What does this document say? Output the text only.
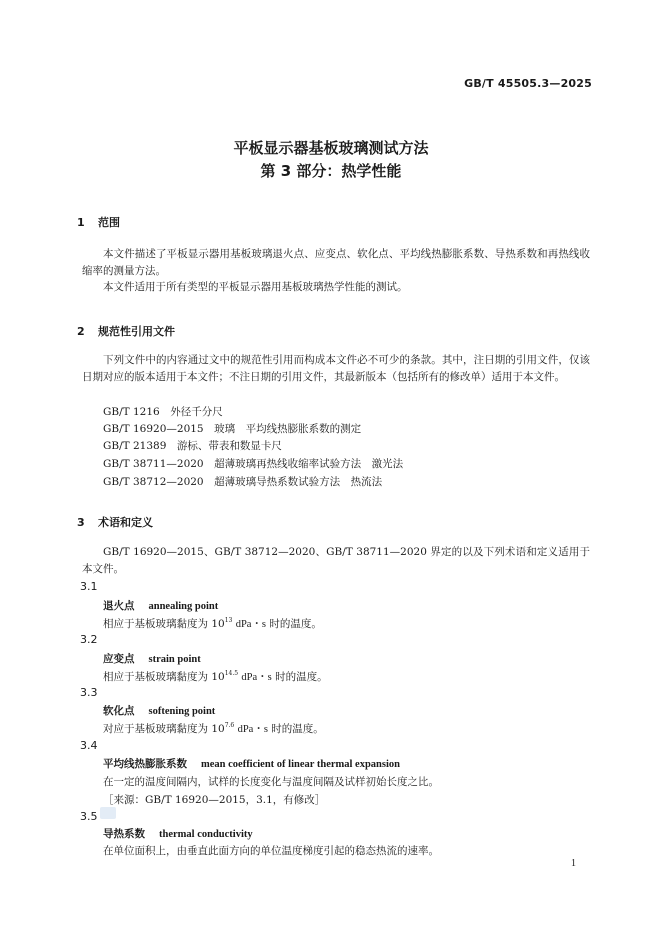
GB/T 45505.3—2025
平板显示器基板玻璃测试方法
第 3 部分：热学性能
1 范围

本文件描述了平板显示器用基板玻璃退火点、应变点、软化点、平均线热膨胀系数、导热系数和再热线收缩率的测量方法。

本文件适用于所有类型的平板显示器用基板玻璃热学性能的测试。

2 规范性引用文件

下列文件中的内容通过文中的规范性引用而构成本文件必不可少的条款。其中，注日期的引用文件，仅该日期对应的版本适用于本文件；不注日期的引用文件，其最新版本（包括所有的修改单）适用于本文件。

GB/T 1216　外径千分尺
GB/T 16920—2015　玻璃　平均线热膨胀系数的测定
GB/T 21389　游标、带表和数显卡尺
GB/T 38711—2020　超薄玻璃再热线收缩率试验方法　激光法
GB/T 38712—2020　超薄玻璃导热系数试验方法　热流法
3 术语和定义

GB/T 16920—2015、GB/T 38712—2020、GB/T 38711—2020 界定的以及下列术语和定义适用于本文件。

3.1
退火点 annealing point
相应于基板玻璃黏度为 $10^{13}$ dPa・s 时的温度。
3.2
应变点 strain point
相应于基板玻璃黏度为 $10^{14.5}$ dPa・s 时的温度。
3.3
软化点 softening point
对应于基板玻璃黏度为 $10^{7.6}$ dPa・s 时的温度。
3.4
平均线热膨胀系数 mean coefficient of linear thermal expansion
在一定的温度间隔内，试样的长度变化与温度间隔及试样初始长度之比。
［来源：GB/T 16920—2015，3.1，有修改］
3.5
导热系数 thermal conductivity
在单位面积上，由垂直此面方向的单位温度梯度引起的稳态热流的速率。
1
